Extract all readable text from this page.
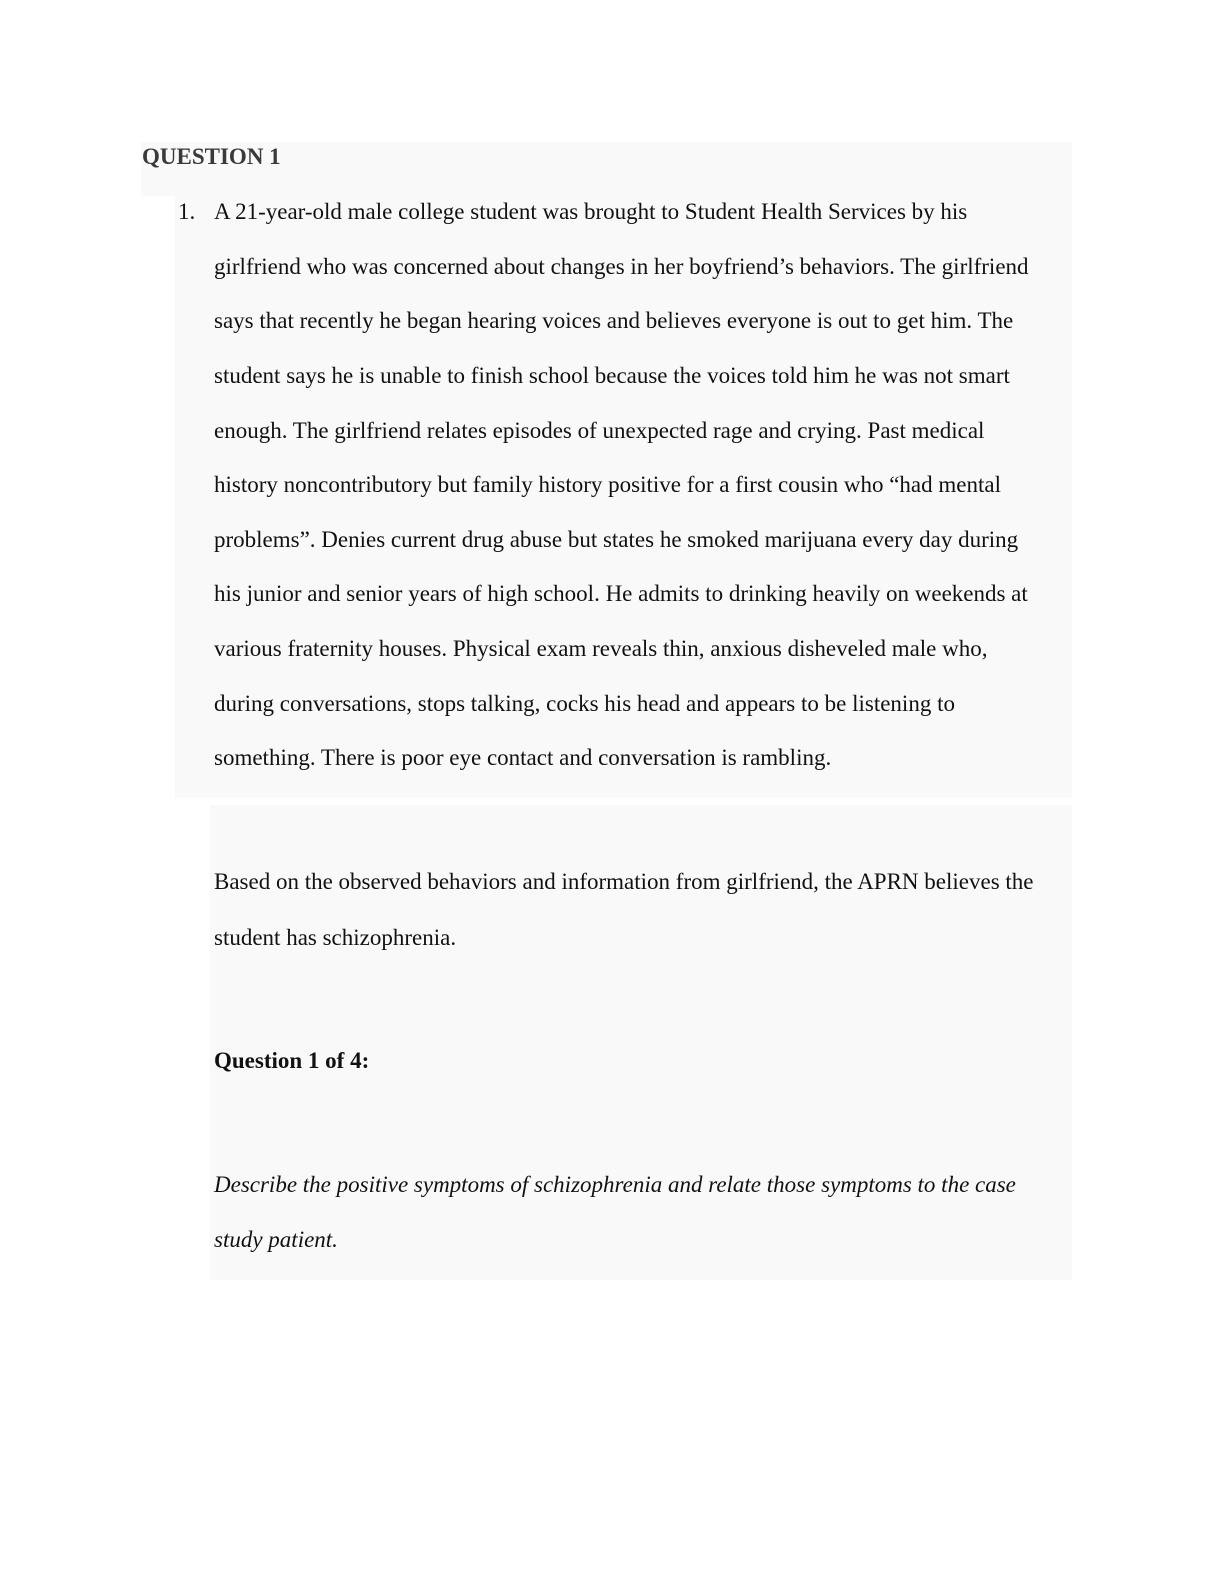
QUESTION 1
1. A 21-year-old male college student was brought to Student Health Services by his
girlfriend who was concerned about changes in her boyfriend’s behaviors. The girlfriend
says that recently he began hearing voices and believes everyone is out to get him. The
student says he is unable to finish school because the voices told him he was not smart
enough. The girlfriend relates episodes of unexpected rage and crying. Past medical
history noncontributory but family history positive for a first cousin who “had mental
problems”. Denies current drug abuse but states he smoked marijuana every day during
his junior and senior years of high school. He admits to drinking heavily on weekends at
various fraternity houses. Physical exam reveals thin, anxious disheveled male who,
during conversations, stops talking, cocks his head and appears to be listening to
something. There is poor eye contact and conversation is rambling.
Based on the observed behaviors and information from girlfriend, the APRN believes the
student has schizophrenia.
Question 1 of 4:
Describe the positive symptoms of schizophrenia and relate those symptoms to the case
study patient.
